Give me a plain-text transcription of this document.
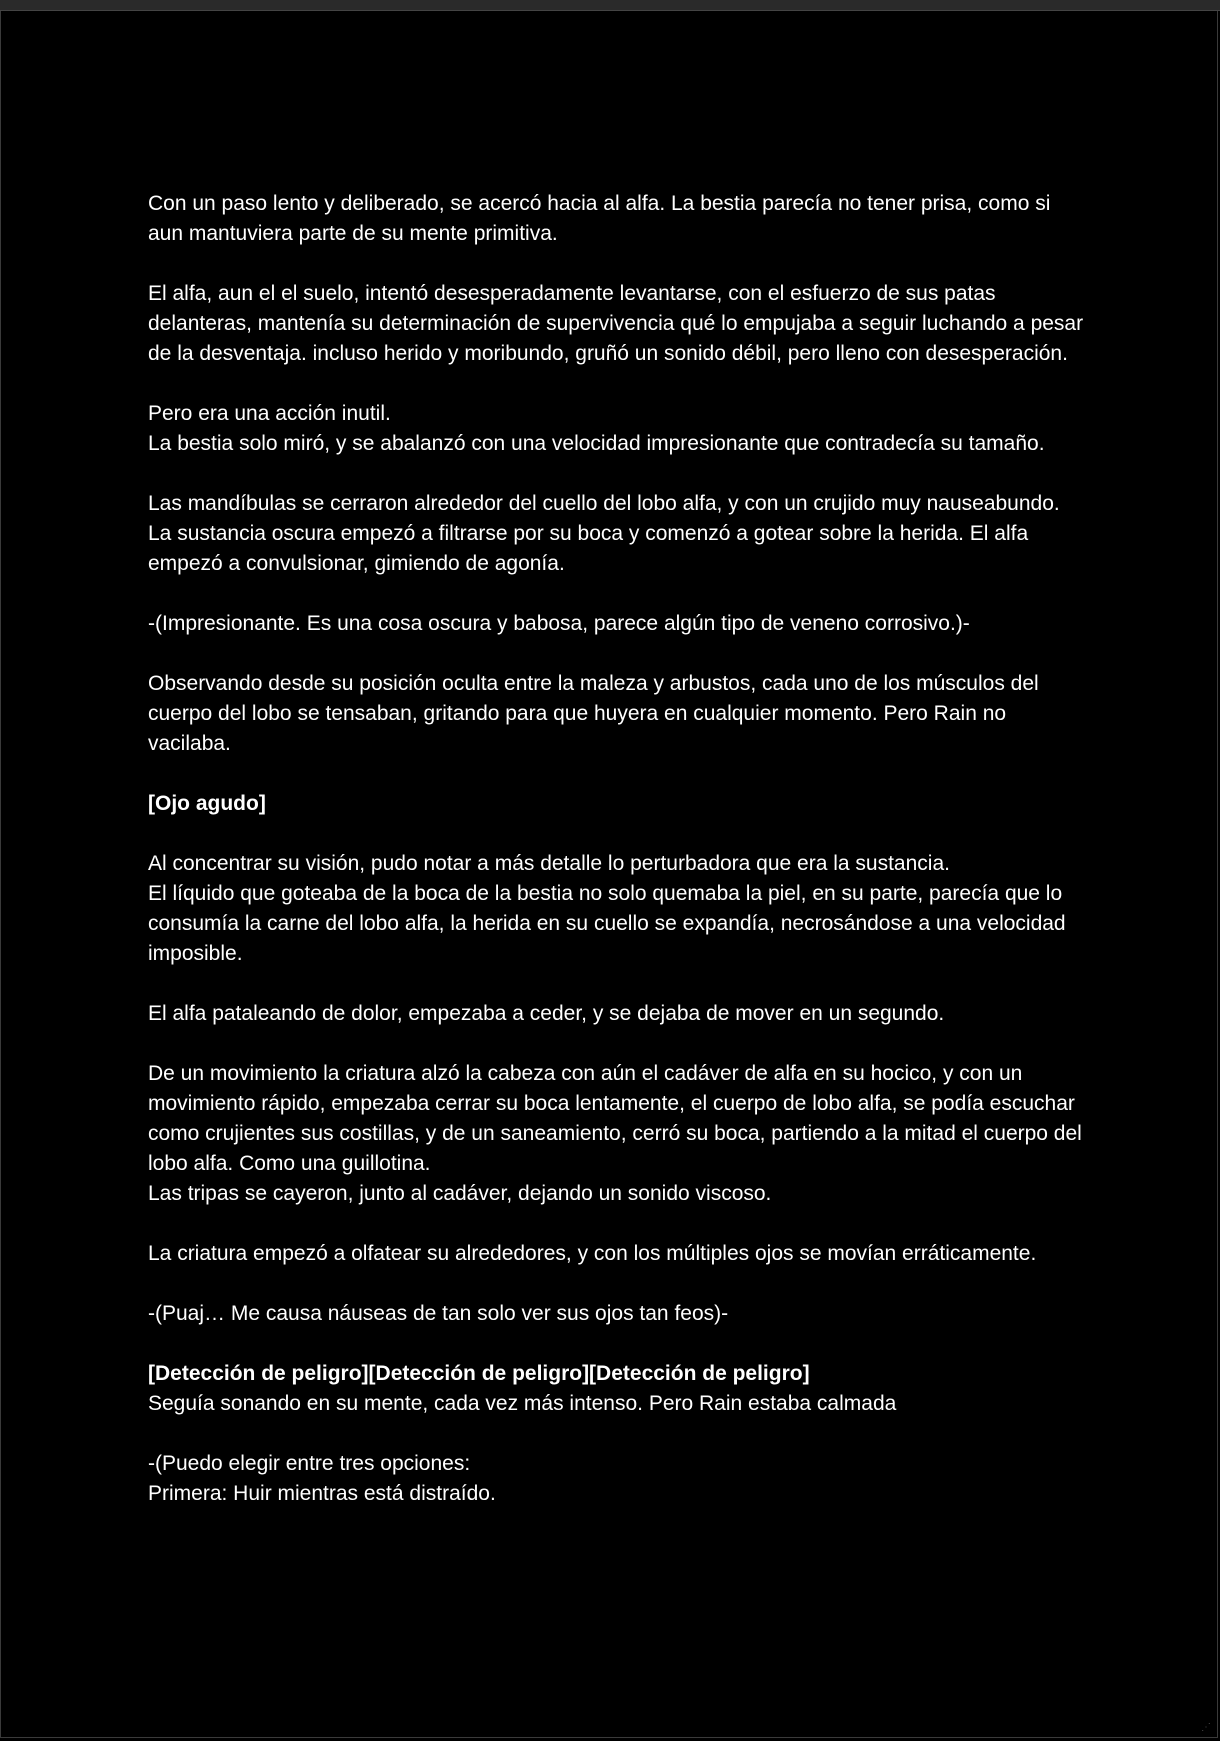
Con un paso lento y deliberado, se acercó hacia al alfa. La bestia parecía no tener prisa, como si aun mantuviera parte de su mente primitiva.

El alfa, aun el el suelo, intentó desesperadamente levantarse, con el esfuerzo de sus patas delanteras, mantenía su determinación de supervivencia qué lo empujaba a seguir luchando a pesar de la desventaja. incluso herido y moribundo, gruñó un sonido débil, pero lleno con desesperación.

Pero era una acción inutil.
La bestia solo miró, y se abalanzó con una velocidad impresionante que contradecía su tamaño.

Las mandíbulas se cerraron alrededor del cuello del lobo alfa, y con un crujido muy nauseabundo. La sustancia oscura empezó a filtrarse por su boca y comenzó a gotear sobre la herida. El alfa empezó a convulsionar, gimiendo de agonía.

-(Impresionante. Es una cosa oscura y babosa, parece algún tipo de veneno corrosivo.)-

Observando desde su posición oculta entre la maleza y arbustos, cada uno de los músculos del cuerpo del lobo se tensaban, gritando para que huyera en cualquier momento. Pero Rain no vacilaba.

[Ojo agudo]

Al concentrar su visión, pudo notar a más detalle lo perturbadora que era la sustancia.
El líquido que goteaba de la boca de la bestia no solo quemaba la piel, en su parte, parecía que lo consumía la carne del lobo alfa, la herida en su cuello se expandía, necrosándose a una velocidad imposible.

El alfa pataleando de dolor, empezaba a ceder, y se dejaba de mover en un segundo.

De un movimiento la criatura alzó la cabeza con aún el cadáver de alfa en su hocico, y con un movimiento rápido, empezaba cerrar su boca lentamente, el cuerpo de lobo alfa, se podía escuchar como crujientes sus costillas, y de un saneamiento, cerró su boca, partiendo a la mitad el cuerpo del lobo alfa. Como una guillotina.
Las tripas se cayeron, junto al cadáver, dejando un sonido viscoso.

La criatura empezó a olfatear su alrededores, y con los múltiples ojos se movían erráticamente.

-(Puaj… Me causa náuseas de tan solo ver sus ojos tan feos)-

[Detección de peligro][Detección de peligro][Detección de peligro]
Seguía sonando en su mente, cada vez más intenso. Pero Rain estaba calmada

-(Puedo elegir entre tres opciones:
Primera: Huir mientras está distraído.

⋰
